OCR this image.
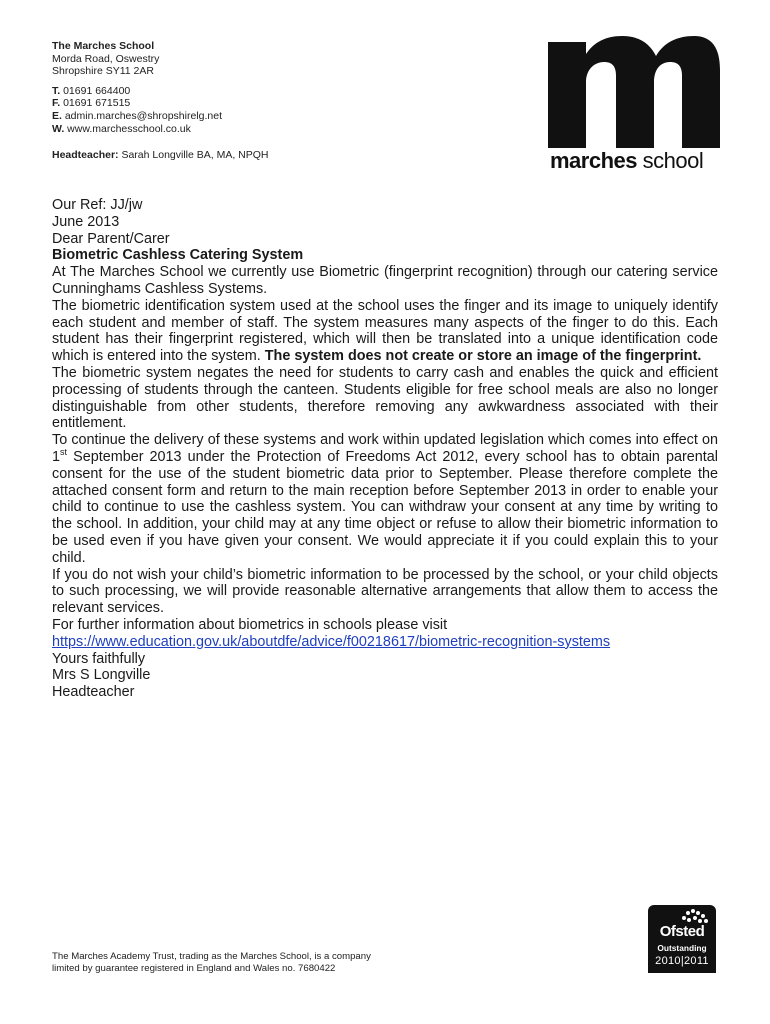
The Marches School
Morda Road, Oswestry
Shropshire SY11 2AR
T. 01691 664400
F. 01691 671515
E. admin.marches@shropshirelg.net
W. www.marchesschool.co.uk
Headteacher: Sarah Longville BA, MA, NPQH	marches school

Our Ref: JJ/jw

June 2013

Dear Parent/Carer

Biometric Cashless Catering System

At The Marches School we currently use Biometric (fingerprint recognition) through our catering service Cunninghams Cashless Systems.

The biometric identification system used at the school uses the finger and its image to uniquely identify each student and member of staff. The system measures many aspects of the finger to do this. Each student has their fingerprint registered, which will then be translated into a unique identification code which is entered into the system. The system does not create or store an image of the fingerprint.

The biometric system negates the need for students to carry cash and enables the quick and efficient processing of students through the canteen. Students eligible for free school meals are also no longer distinguishable from other students, therefore removing any awkwardness associated with their entitlement.

To continue the delivery of these systems and work within updated legislation which comes into effect on 1st September 2013 under the Protection of Freedoms Act 2012, every school has to obtain parental consent for the use of the student biometric data prior to September. Please therefore complete the attached consent form and return to the main reception before September 2013 in order to enable your child to continue to use the cashless system. You can withdraw your consent at any time by writing to the school. In addition, your child may at any time object or refuse to allow their biometric information to be used even if you have given your consent. We would appreciate it if you could explain this to your child.

If you do not wish your child’s biometric information to be processed by the school, or your child objects to such processing, we will provide reasonable alternative arrangements that allow them to access the relevant services.

For further information about biometrics in schools please visit
https://www.education.gov.uk/aboutdfe/advice/f00218617/biometric-recognition-systems

Yours faithfully

Mrs S Longville

Headteacher

The Marches Academy Trust, trading as the Marches School, is a company
limited by guarantee registered in England and Wales no. 7680422
Ofsted
Outstanding
2010|2011
